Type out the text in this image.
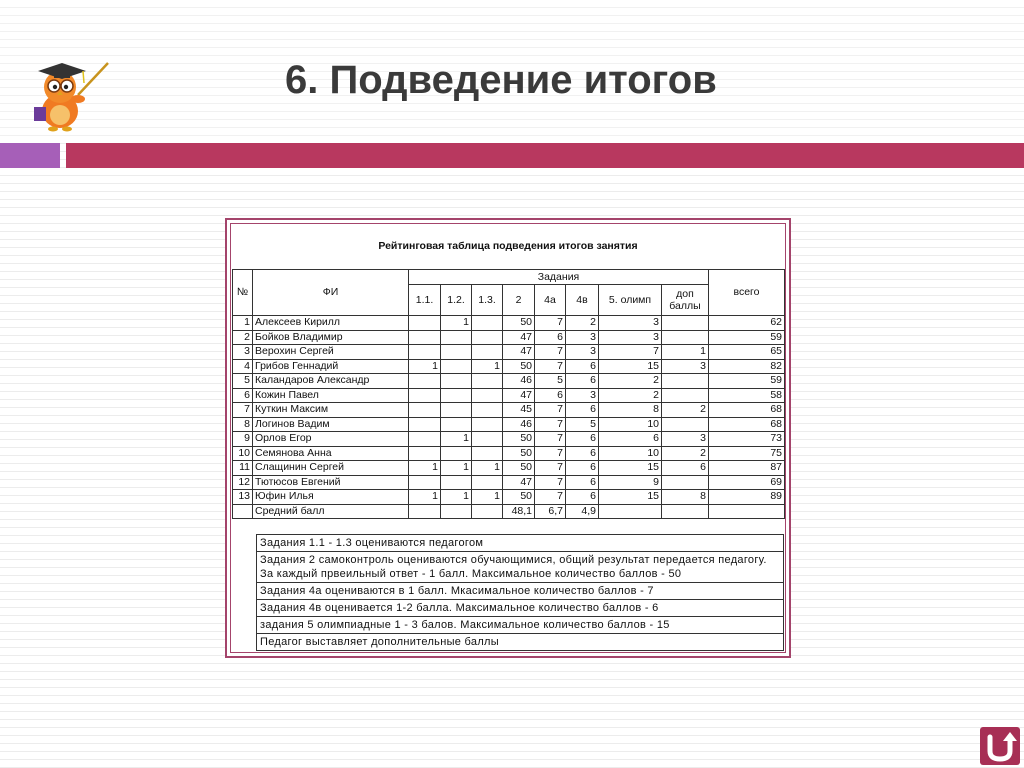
6. Подведение итогов
Рейтинговая таблица подведения итогов занятия
№	ФИ	Задания								всего
		1.1.	1.2.	1.3.	2	4а	4в	5. олимп	доп баллы	
1	Алексеев Кирилл		1		50	7	2	3		62
2	Бойков Владимир				47	6	3	3		59
3	Верохин Сергей				47	7	3	7	1	65
4	Грибов Геннадий	1		1	50	7	6	15	3	82
5	Каландаров Александр				46	5	6	2		59
6	Кожин Павел				47	6	3	2		58
7	Куткин Максим				45	7	6	8	2	68
8	Логинов Вадим				46	7	5	10		68
9	Орлов Егор		1		50	7	6	6	3	73
10	Семянова Анна				50	7	6	10	2	75
11	Слащинин Сергей	1	1	1	50	7	6	15	6	87
12	Тютюсов Евгений				47	7	6	9		69
13	Юфин Илья	1	1	1	50	7	6	15	8	89
	Средний балл				48,1	6,7	4,9			
Задания 1.1 - 1.3 оцениваются педагогом
Задания 2 самоконтроль оцениваются обучающимися, общий результат передается педагогу. За каждый првеильный ответ - 1 балл. Максимальное количество баллов - 50
Задания 4а оцениваются в 1 балл. Мкасимальное количество баллов - 7
Задания 4в оценивается 1-2 балла. Максимальное количество баллов - 6
задания 5 олимпиадные 1 - 3 балов. Максимальное количество баллов - 15
Педагог выставляет дополнительные баллы
